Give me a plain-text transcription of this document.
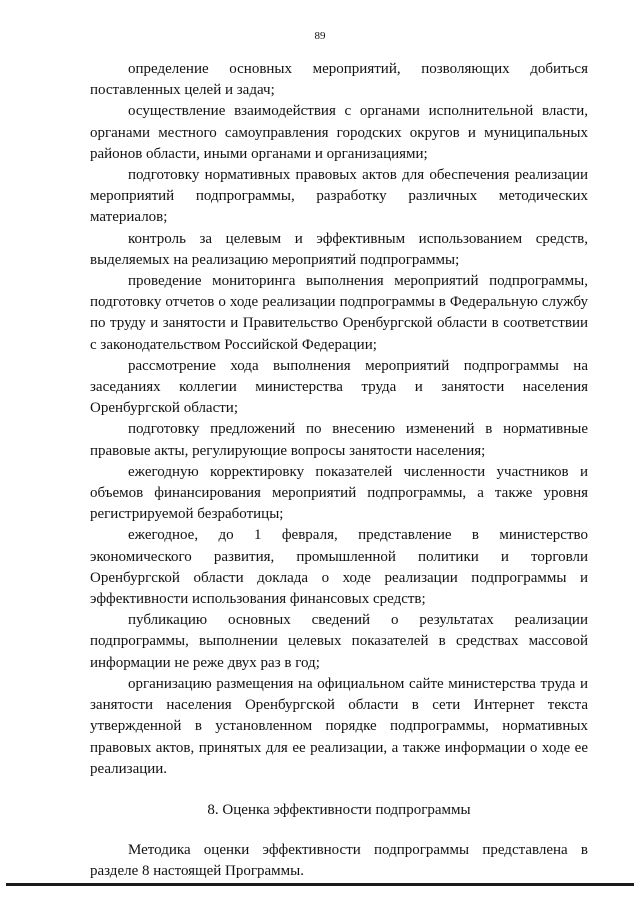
89

определение основных мероприятий, позволяющих добиться поставленных целей и задач;

осуществление взаимодействия с органами исполнительной власти, органами местного самоуправления городских округов и муниципальных районов области, иными органами и организациями;

подготовку нормативных правовых актов для обеспечения реализации мероприятий подпрограммы, разработку различных методических материалов;

контроль за целевым и эффективным использованием средств, выделяемых на реализацию мероприятий подпрограммы;

проведение мониторинга выполнения мероприятий подпрограммы, подготовку отчетов о ходе реализации подпрограммы в Федеральную службу по труду и занятости и Правительство Оренбургской области в соответствии с законодательством Российской Федерации;

рассмотрение хода выполнения мероприятий подпрограммы на заседаниях коллегии министерства труда и занятости населения Оренбургской области;

подготовку предложений по внесению изменений в нормативные правовые акты, регулирующие вопросы занятости населения;

ежегодную корректировку показателей численности участников и объемов финансирования мероприятий подпрограммы, а также уровня регистрируемой безработицы;

ежегодное, до 1 февраля, представление в министерство экономического развития, промышленной политики и торговли Оренбургской области доклада о ходе реализации подпрограммы и эффективности использования финансовых средств;

публикацию основных сведений о результатах реализации подпрограммы, выполнении целевых показателей в средствах массовой информации не реже двух раз в год;

организацию размещения на официальном сайте министерства труда и занятости населения Оренбургской области в сети Интернет текста утвержденной в установленном порядке подпрограммы, нормативных правовых актов, принятых для ее реализации, а также информации о ходе ее реализации.

8. Оценка эффективности подпрограммы

Методика оценки эффективности подпрограммы представлена в разделе 8 настоящей Программы.
